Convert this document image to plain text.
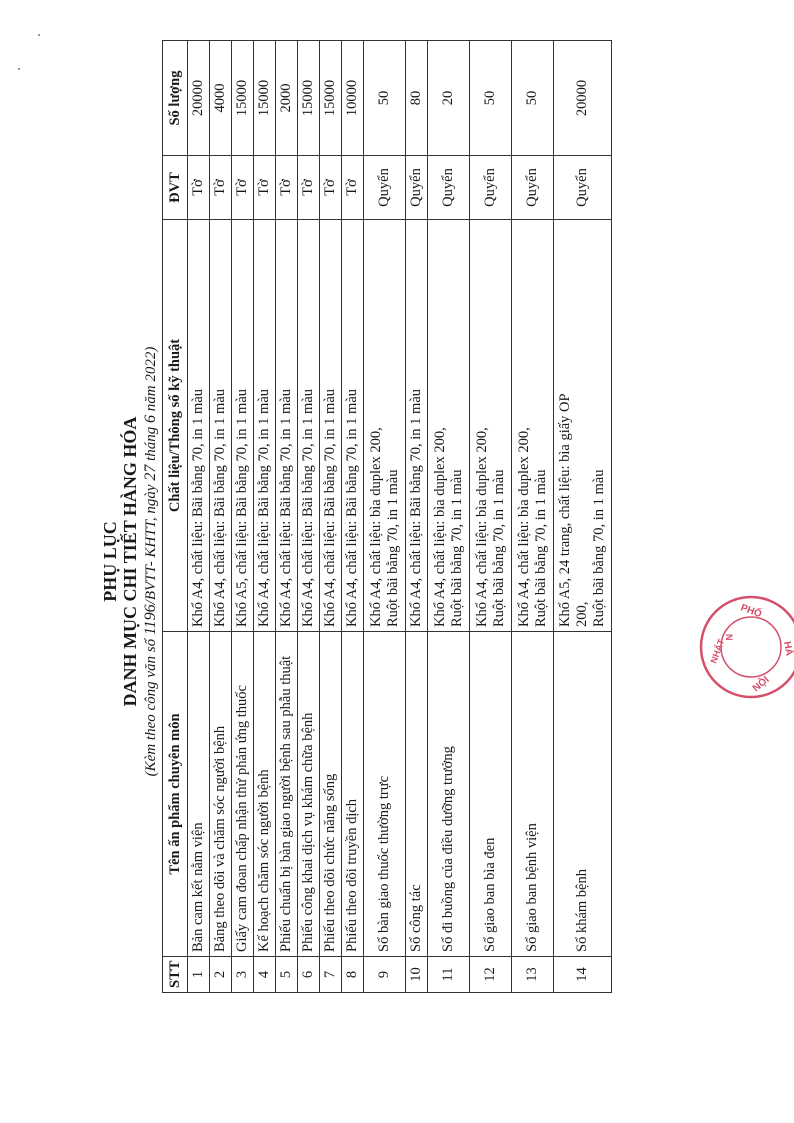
PHỤ LỤC DANH MỤC CHI TIẾT HÀNG HÓA
(Kèm theo công văn số 1196/BVTT- KHTT, ngày 27 tháng 6 năm 2022)
STT	Tên ấn phẩm chuyên môn	Chất liệu/Thông số kỹ thuật	ĐVT	Số lượng
1	Bản cam kết nằm viện	Khổ A4, chất liệu: Bãi bằng 70, in 1 màu	Tờ	20000
2	Bảng theo dõi và chăm sóc người bệnh	Khổ A4, chất liệu: Bãi bằng 70, in 1 màu	Tờ	4000
3	Giấy cam đoan chấp nhận thử phản ứng thuốc	Khổ A5, chất liệu: Bãi bằng 70, in 1 màu	Tờ	15000
4	Kế hoạch chăm sóc người bệnh	Khổ A4, chất liệu: Bãi bằng 70, in 1 màu	Tờ	15000
5	Phiếu chuẩn bị bàn giao người bệnh sau phẫu thuật	Khổ A4, chất liệu: Bãi bằng 70, in 1 màu	Tờ	2000
6	Phiếu công khai dịch vụ khám chữa bệnh	Khổ A4, chất liệu: Bãi bằng 70, in 1 màu	Tờ	15000
7	Phiếu theo dõi chức năng sống	Khổ A4, chất liệu: Bãi bằng 70, in 1 màu	Tờ	15000
8	Phiếu theo dõi truyền dịch	Khổ A4, chất liệu: Bãi bằng 70, in 1 màu	Tờ	10000
9	Sổ bàn giao thuốc thường trực	Khổ A4, chất liệu: bìa duplex 200, Ruột bãi bằng 70, in 1 màu	Quyển	50
10	Sổ công tác	Khổ A4, chất liệu: Bãi bằng 70, in 1 màu	Quyển	80
11	Sổ đi buồng của điều dưỡng trưởng	Khổ A4, chất liệu: bìa duplex 200, Ruột bãi bằng 70, in 1 màu	Quyển	20
12	Sổ giao ban bìa đen	Khổ A4, chất liệu: bìa duplex 200, Ruột bãi bằng 70, in 1 màu	Quyển	50
13	Sổ giao ban bệnh viện	Khổ A4, chất liệu: bìa duplex 200, Ruột bãi bằng 70, in 1 màu	Quyển	50
14	Sổ khám bệnh	Khổ A5, 24 trang, chất liệu: bìa giấy OP 200, Ruột bãi bằng 70, in 1 màu	Quyển	20000
PHỐ
HÀ
NỘI
N
NHẤT
